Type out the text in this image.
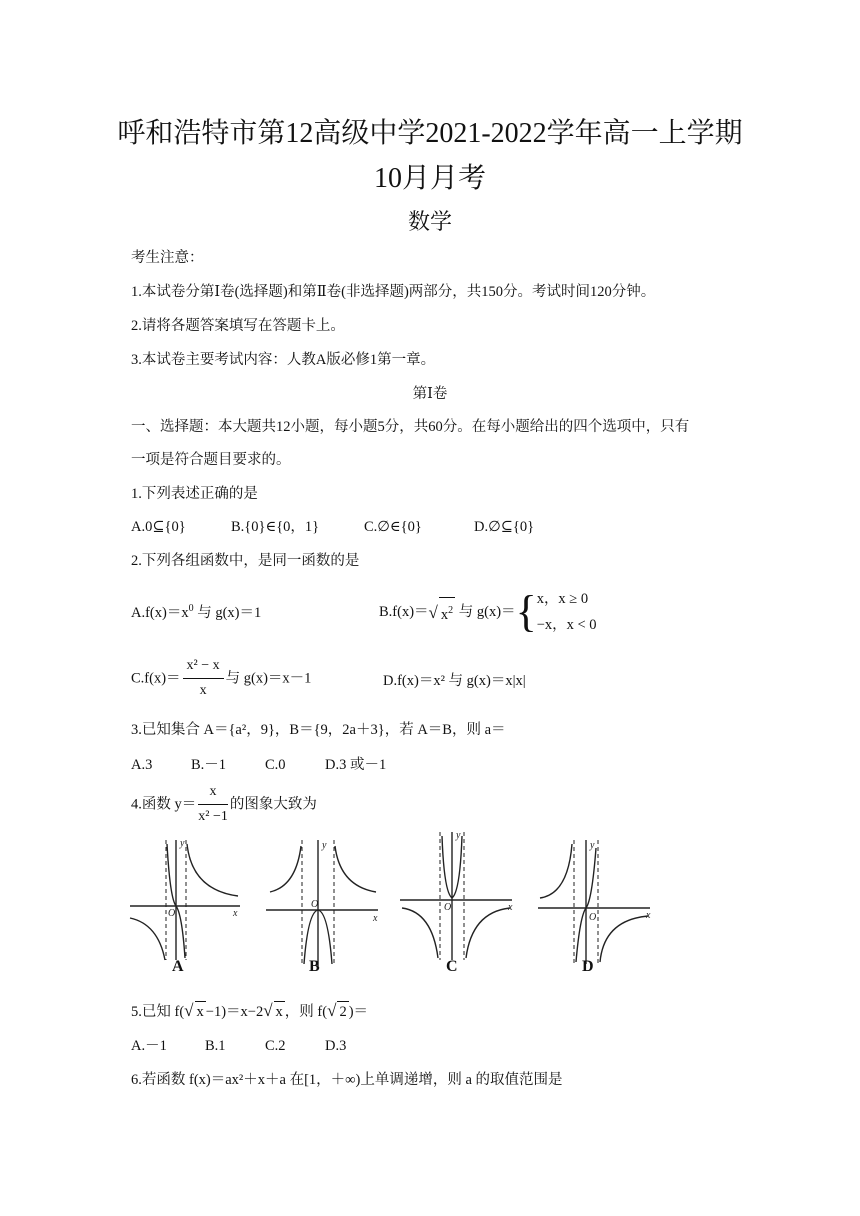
呼和浩特市第12高级中学2021-2022学年高一上学期
10月月考
数学
考生注意：
1.本试卷分第Ⅰ卷(选择题)和第Ⅱ卷(非选择题)两部分，共150分。考试时间120分钟。
2.请将各题答案填写在答题卡上。
3.本试卷主要考试内容：人教A版必修1第一章。
第Ⅰ卷
一、选择题：本大题共12小题，每小题5分，共60分。在每小题给出的四个选项中，只有
一项是符合题目要求的。
1.下列表述正确的是
A.0⊆{0}	B.{0}∈{0，1}	C.∅∈{0}	D.∅⊆{0}
2.下列各组函数中，是同一函数的是
$A.f(x)=x^0$ 与 g(x)＝1	B.f(x)＝√ $x^2$ 与 g(x)＝{ x，x ≥ 0
−x，x < 0
$C.f(x)= \frac{\text{x² − x}}{x}$ 与 g(x)＝x－1	D.f(x)＝x² 与 g(x)＝x|x|
3.已知集合 A＝{a²，9}，B＝{9，2a＋3}，若 A＝B，则 a＝
A.3	B.－1	C.0	D.3 或－1
4.函数 $y= \frac{x}{\text{x² −1}}$ 的图象大致为
x
y
O	x
y
O	x
y
O
x
y
O
A	B	C	D
5.已知 f(√ x −1)＝x−2√ x ，则 f(√ 2 )＝
A.－1	B.1	C.2	D.3
6.若函数 f(x)＝ax²＋x＋a 在[1，＋∞)上单调递增，则 a 的取值范围是
